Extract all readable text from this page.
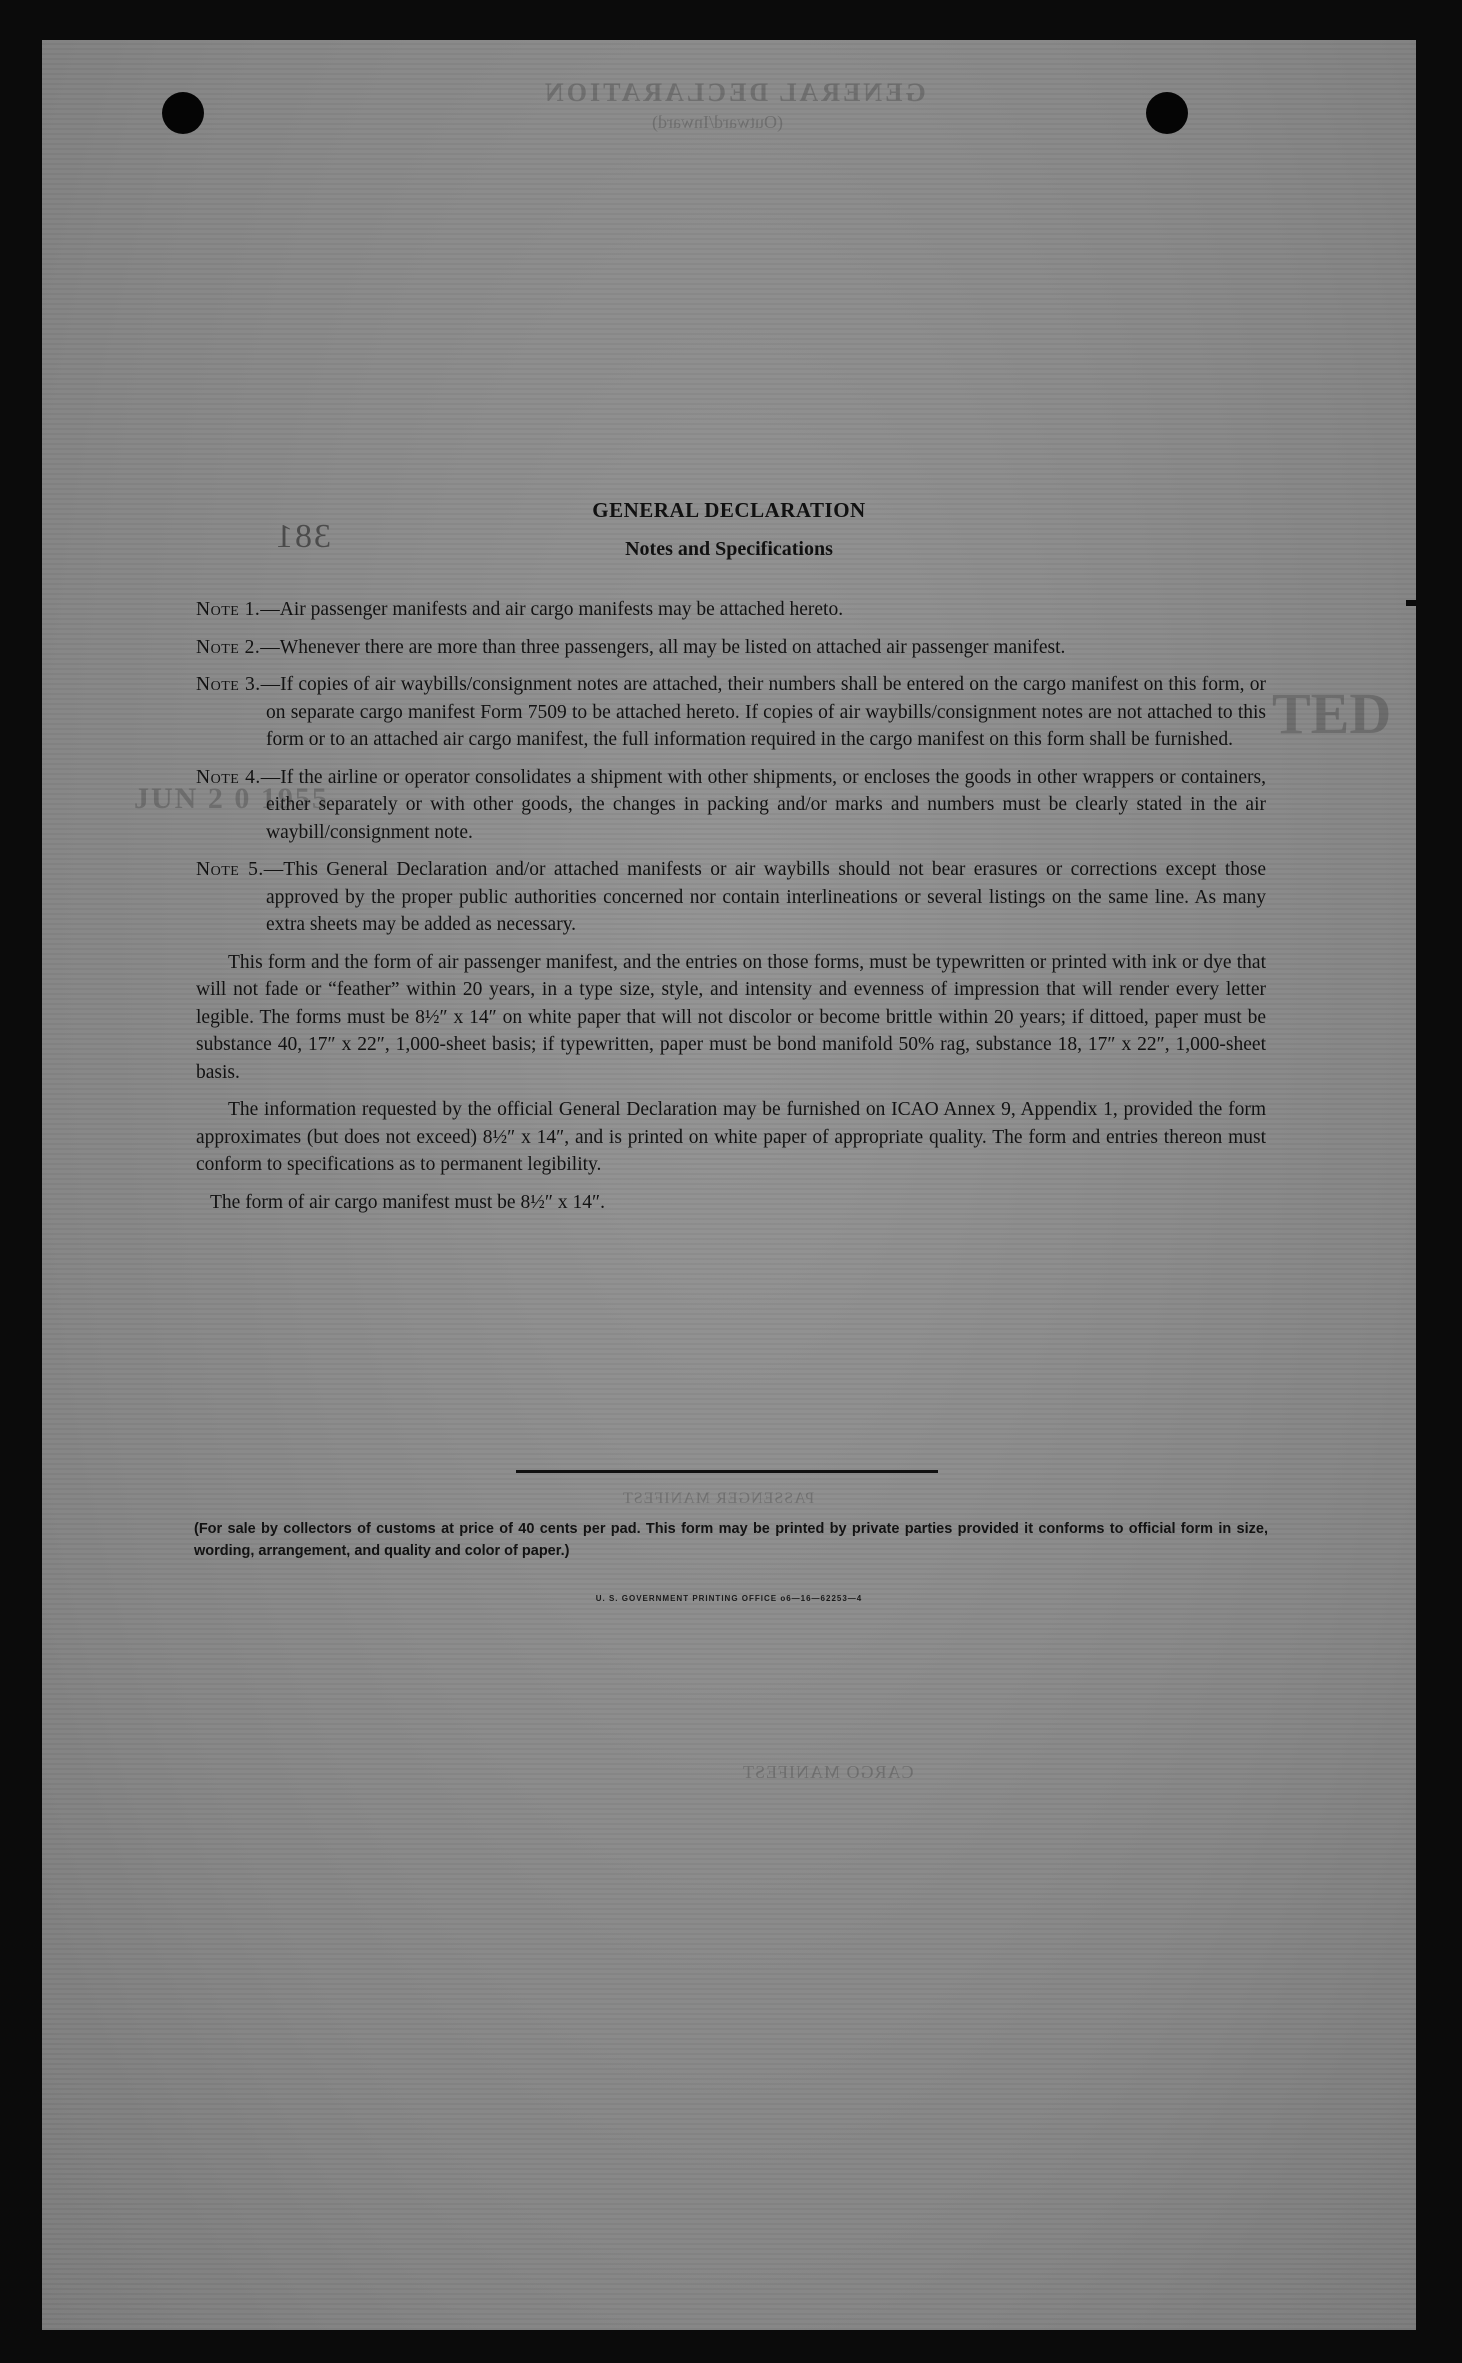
GENERAL DECLARATION
(Outward/Inward)
PASSENGER MANIFEST
CARGO MANIFEST
TED
JUN 2 0 1955
381
GENERAL DECLARATION
Notes and Specifications

Note 1.—Air passenger manifests and air cargo manifests may be attached hereto.

Note 2.—Whenever there are more than three passengers, all may be listed on attached air passenger manifest.

Note 3.—If copies of air waybills/consignment notes are attached, their numbers shall be entered on the cargo manifest on this form, or on separate cargo manifest Form 7509 to be attached hereto. If copies of air waybills/consignment notes are not attached to this form or to an attached air cargo manifest, the full information required in the cargo manifest on this form shall be furnished.

Note 4.—If the airline or operator consolidates a shipment with other shipments, or encloses the goods in other wrappers or containers, either separately or with other goods, the changes in packing and/or marks and numbers must be clearly stated in the air waybill/consignment note.

Note 5.—This General Declaration and/or attached manifests or air waybills should not bear erasures or corrections except those approved by the proper public authorities concerned nor contain interlineations or several listings on the same line. As many extra sheets may be added as necessary.

This form and the form of air passenger manifest, and the entries on those forms, must be typewritten or printed with ink or dye that will not fade or “feather” within 20 years, in a type size, style, and intensity and evenness of impression that will render every letter legible. The forms must be 8½″ x 14″ on white paper that will not discolor or become brittle within 20 years; if dittoed, paper must be substance 40, 17″ x 22″, 1,000-sheet basis; if typewritten, paper must be bond manifold 50% rag, substance 18, 17″ x 22″, 1,000-sheet basis.

The information requested by the official General Declaration may be furnished on ICAO Annex 9, Appendix 1, provided the form approximates (but does not exceed) 8½″ x 14″, and is printed on white paper of appropriate quality. The form and entries thereon must conform to specifications as to permanent legibility.

The form of air cargo manifest must be 8½″ x 14″.

(For sale by collectors of customs at price of 40 cents per pad. This form may be printed by private parties provided it conforms to official form in size, wording, arrangement, and quality and color of paper.)
U. S. GOVERNMENT PRINTING OFFICE o6—16—62253—4
